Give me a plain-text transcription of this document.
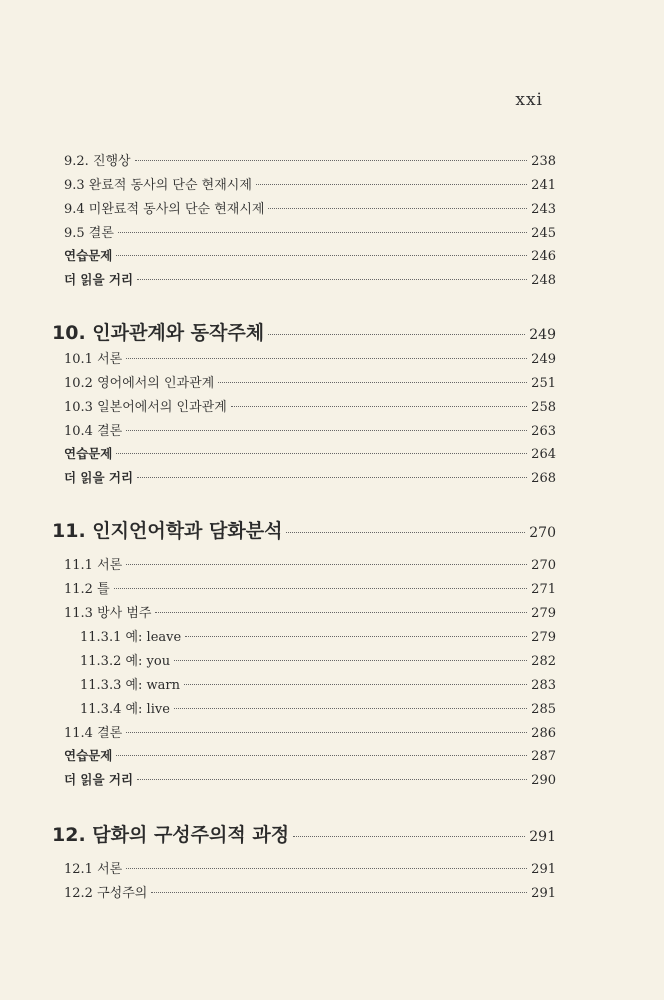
xxi
9.2. 진행상	238
9.3 완료적 동사의 단순 현재시제	241
9.4 미완료적 동사의 단순 현재시제	243
9.5 결론	245
연습문제	246
더 읽을 거리	248
10. 인과관계와 동작주체	249
10.1 서론	249
10.2 영어에서의 인과관계	251
10.3 일본어에서의 인과관계	258
10.4 결론	263
연습문제	264
더 읽을 거리	268
11. 인지언어학과 담화분석	270
11.1 서론	270
11.2 틀	271
11.3 방사 범주	279
11.3.1 예: leave	279
11.3.2 예: you	282
11.3.3 예: warn	283
11.3.4 예: live	285
11.4 결론	286
연습문제	287
더 읽을 거리	290
12. 담화의 구성주의적 과정	291
12.1 서론	291
12.2 구성주의	291
